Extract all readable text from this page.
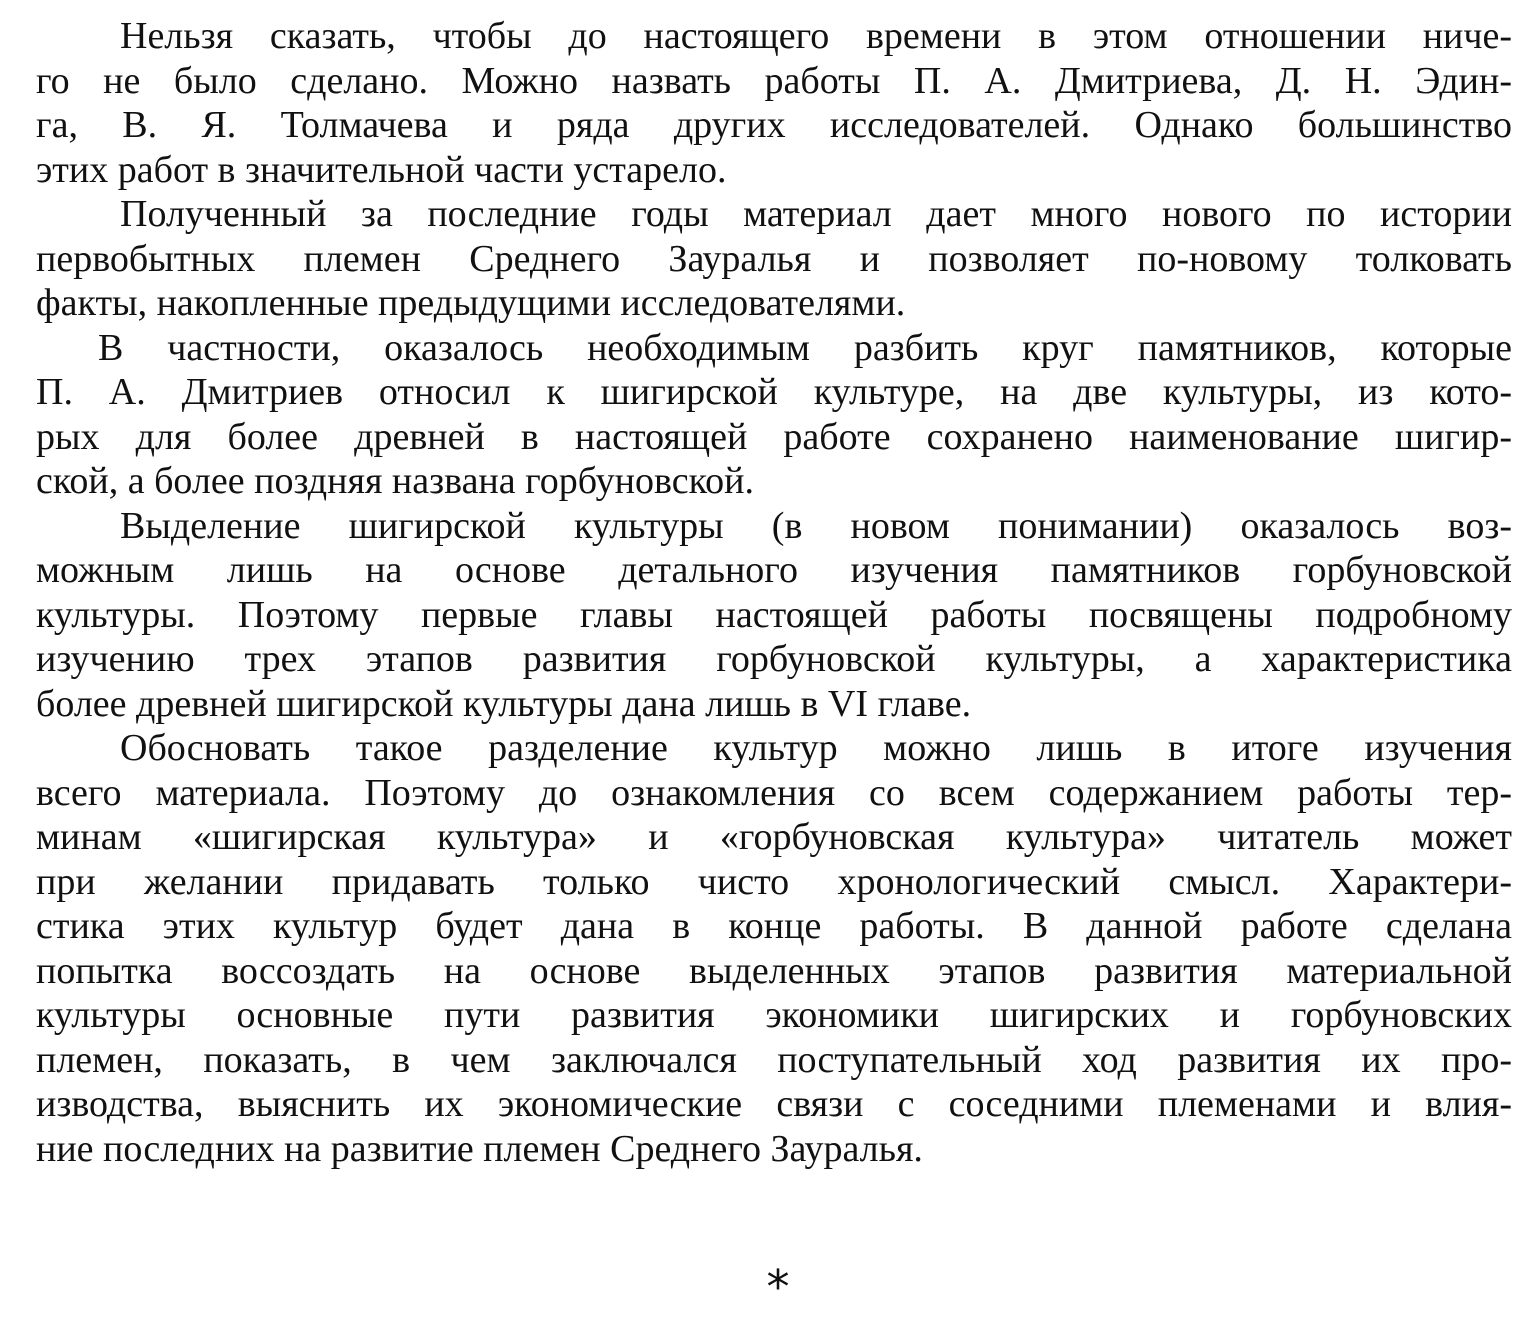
Нельзя сказать, чтобы до настоящего времени в этом отношении ниче-
го не было сделано. Можно назвать работы П. А. Дмитриева, Д. Н. Эдин-
га, В. Я. Толмачева и ряда других исследователей. Однако большинство
этих работ в значительной части устарело.
Полученный за последние годы материал дает много нового по истории
первобытных племен Среднего Зауралья и позволяет по-новому толковать
факты, накопленные предыдущими исследователями.
В частности, оказалось необходимым разбить круг памятников, которые
П. А. Дмитриев относил к шигирской культуре, на две культуры, из кото-
рых для более древней в настоящей работе сохранено наименование шигир-
ской, а более поздняя названа горбуновской.
Выделение шигирской культуры (в новом понимании) оказалось воз-
можным лишь на основе детального изучения памятников горбуновской
культуры. Поэтому первые главы настоящей работы посвящены подробному
изучению трех этапов развития горбуновской культуры, а характеристика
более древней шигирской культуры дана лишь в VI главе.
Обосновать такое разделение культур можно лишь в итоге изучения
всего материала. Поэтому до ознакомления со всем содержанием работы тер-
минам «шигирская культура» и «горбуновская культура» читатель может
при желании придавать только чисто хронологический смысл. Характери-
стика этих культур будет дана в конце работы. В данной работе сделана
попытка воссоздать на основе выделенных этапов развития материальной
культуры основные пути развития экономики шигирских и горбуновских
племен, показать, в чем заключался поступательный ход развития их про-
изводства, выяснить их экономические связи с соседними племенами и влия-
ние последних на развитие племен Среднего Зауралья.
*
